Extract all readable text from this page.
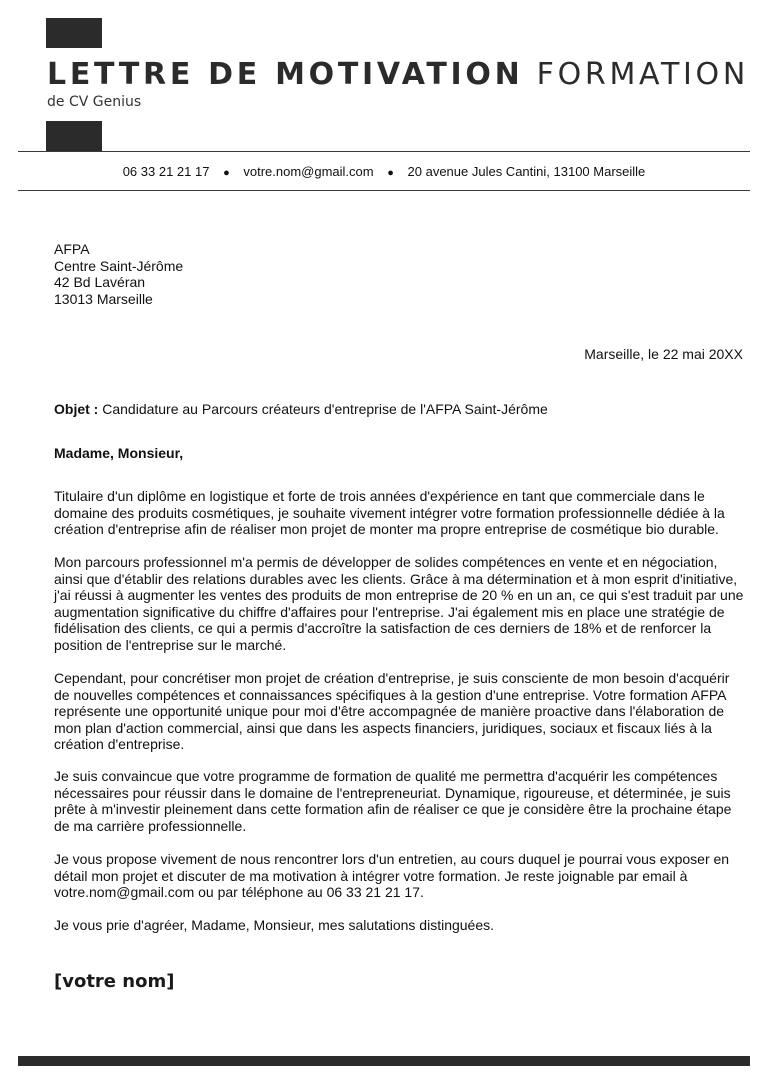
LETTRE DE MOTIVATION FORMATION
de CV Genius
06 33 21 21 17 ● votre.nom@gmail.com ● 20 avenue Jules Cantini, 13100 Marseille
AFPA
Centre Saint-Jérôme
42 Bd Lavéran
13013 Marseille
Marseille, le 22 mai 20XX
Objet : Candidature au Parcours créateurs d'entreprise de l'AFPA Saint-Jérôme
Madame, Monsieur,

Titulaire d'un diplôme en logistique et forte de trois années d'expérience en tant que commerciale dans le domaine des produits cosmétiques, je souhaite vivement intégrer votre formation professionnelle dédiée à la création d'entreprise afin de réaliser mon projet de monter ma propre entreprise de cosmétique bio durable.

Mon parcours professionnel m'a permis de développer de solides compétences en vente et en négociation, ainsi que d'établir des relations durables avec les clients. Grâce à ma détermination et à mon esprit d'initiative, j'ai réussi à augmenter les ventes des produits de mon entreprise de 20 % en un an, ce qui s'est traduit par une augmentation significative du chiffre d'affaires pour l'entreprise. J'ai également mis en place une stratégie de fidélisation des clients, ce qui a permis d'accroître la satisfaction de ces derniers de 18% et de renforcer la position de l'entreprise sur le marché.

Cependant, pour concrétiser mon projet de création d'entreprise, je suis consciente de mon besoin d'acquérir de nouvelles compétences et connaissances spécifiques à la gestion d'une entreprise. Votre formation AFPA représente une opportunité unique pour moi d'être accompagnée de manière proactive dans l'élaboration de mon plan d'action commercial, ainsi que dans les aspects financiers, juridiques, sociaux et fiscaux liés à la création d'entreprise.

Je suis convaincue que votre programme de formation de qualité me permettra d'acquérir les compétences nécessaires pour réussir dans le domaine de l'entrepreneuriat. Dynamique, rigoureuse, et déterminée, je suis prête à m'investir pleinement dans cette formation afin de réaliser ce que je considère être la prochaine étape de ma carrière professionnelle.

Je vous propose vivement de nous rencontrer lors d'un entretien, au cours duquel je pourrai vous exposer en détail mon projet et discuter de ma motivation à intégrer votre formation. Je reste joignable par email à votre.nom@gmail.com ou par téléphone au 06 33 21 21 17.

Je vous prie d'agréer, Madame, Monsieur, mes salutations distinguées.

[votre nom]
